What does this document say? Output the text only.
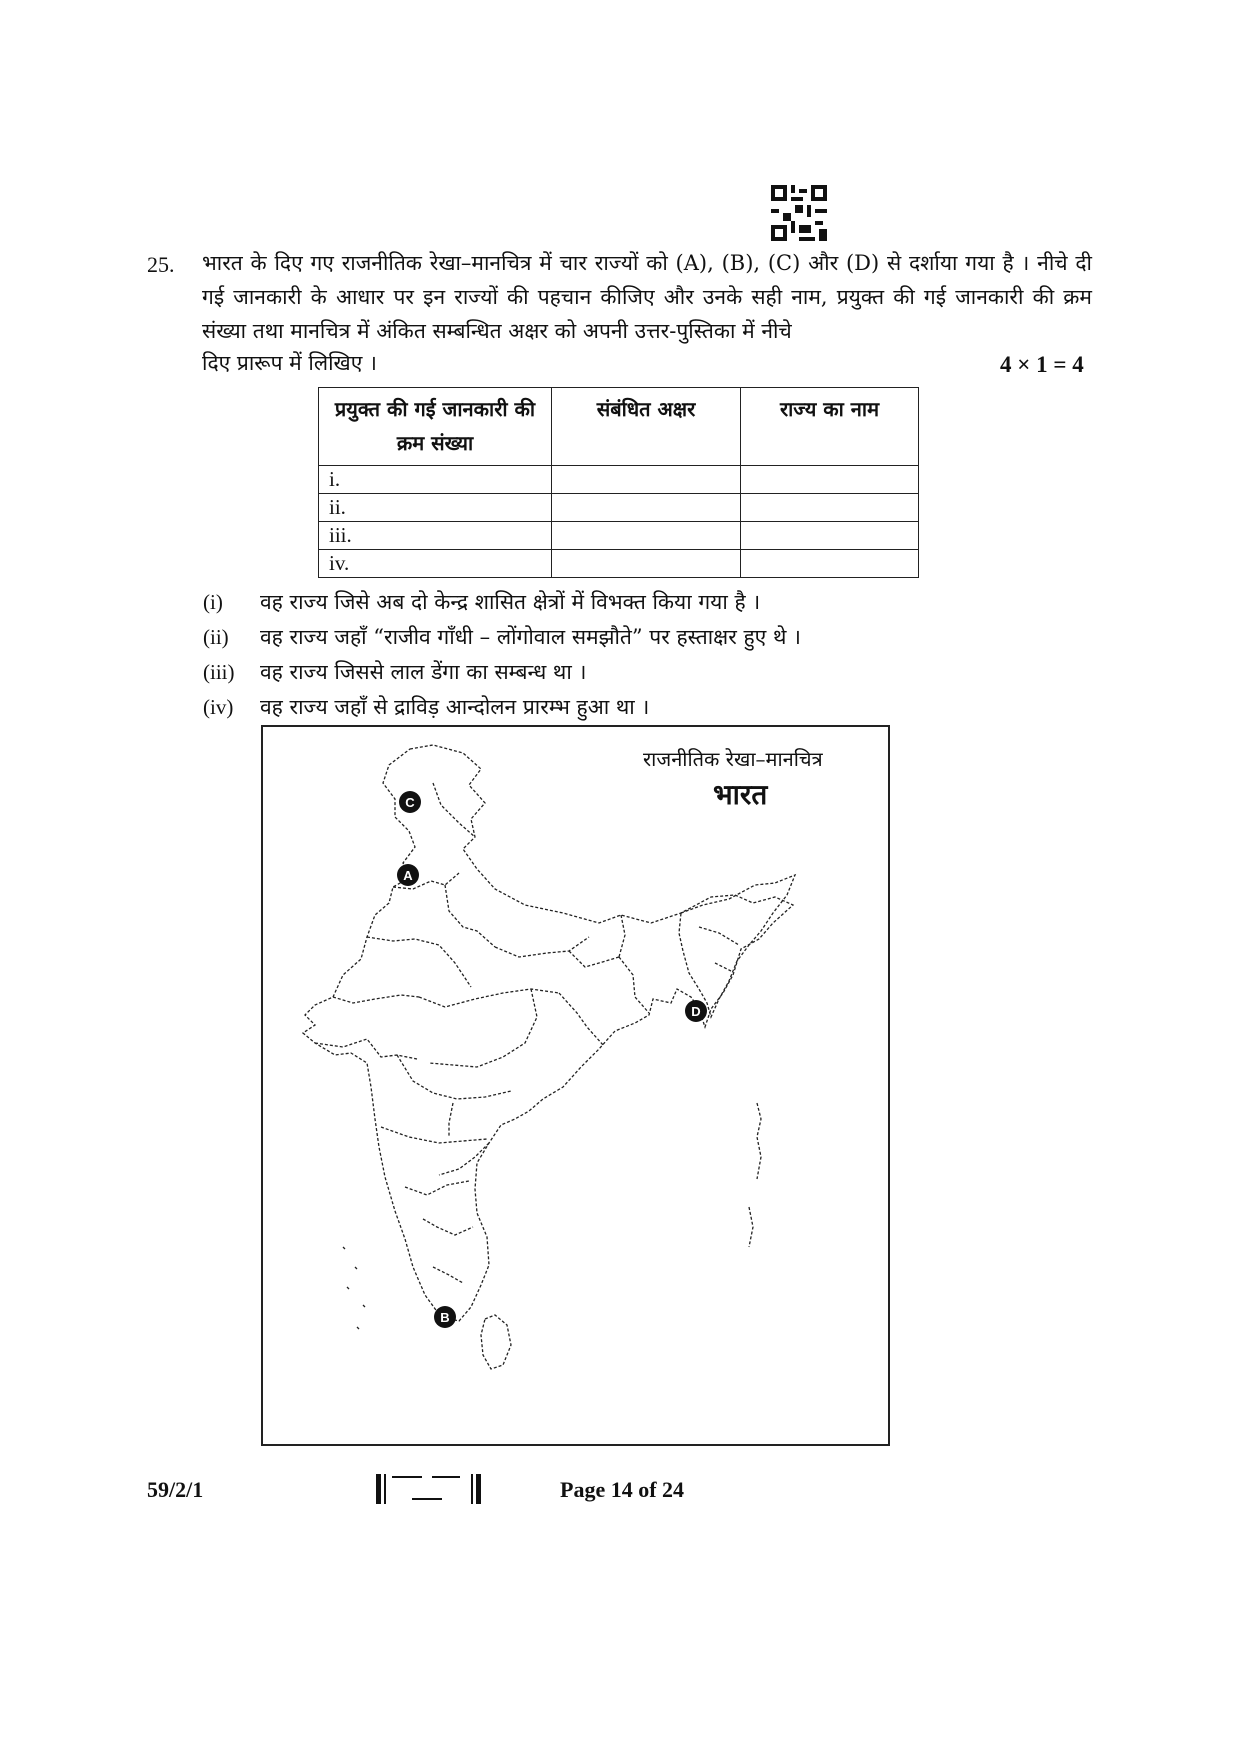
25. भारत के दिए गए राजनीतिक रेखा–मानचित्र में चार राज्यों को (A), (B), (C) और (D) से दर्शाया गया है । नीचे दी गई जानकारी के आधार पर इन राज्यों की पहचान कीजिए और उनके सही नाम, प्रयुक्त की गई जानकारी की क्रम संख्या तथा मानचित्र में अंकित सम्बन्धित अक्षर को अपनी उत्तर-पुस्तिका में नीचे
दिए प्रारूप में लिखिए ।	4 × 1 = 4
प्रयुक्त की गई जानकारी की क्रम संख्या	संबंधित अक्षर	राज्य का नाम
i.		
ii.		
iii.		
iv.		
(i) वह राज्य जिसे अब दो केन्द्र शासित क्षेत्रों में विभक्त किया गया है ।
(ii) वह राज्य जहाँ “राजीव गाँधी – लोंगोवाल समझौते” पर हस्ताक्षर हुए थे ।
(iii) वह राज्य जिससे लाल डेंगा का सम्बन्ध था ।
(iv) वह राज्य जहाँ से द्राविड़ आन्दोलन प्रारम्भ हुआ था ।
राजनीतिक रेखा–मानचित्र
भारत
C
A
D
B
59/2/1	Page 14 of 24
